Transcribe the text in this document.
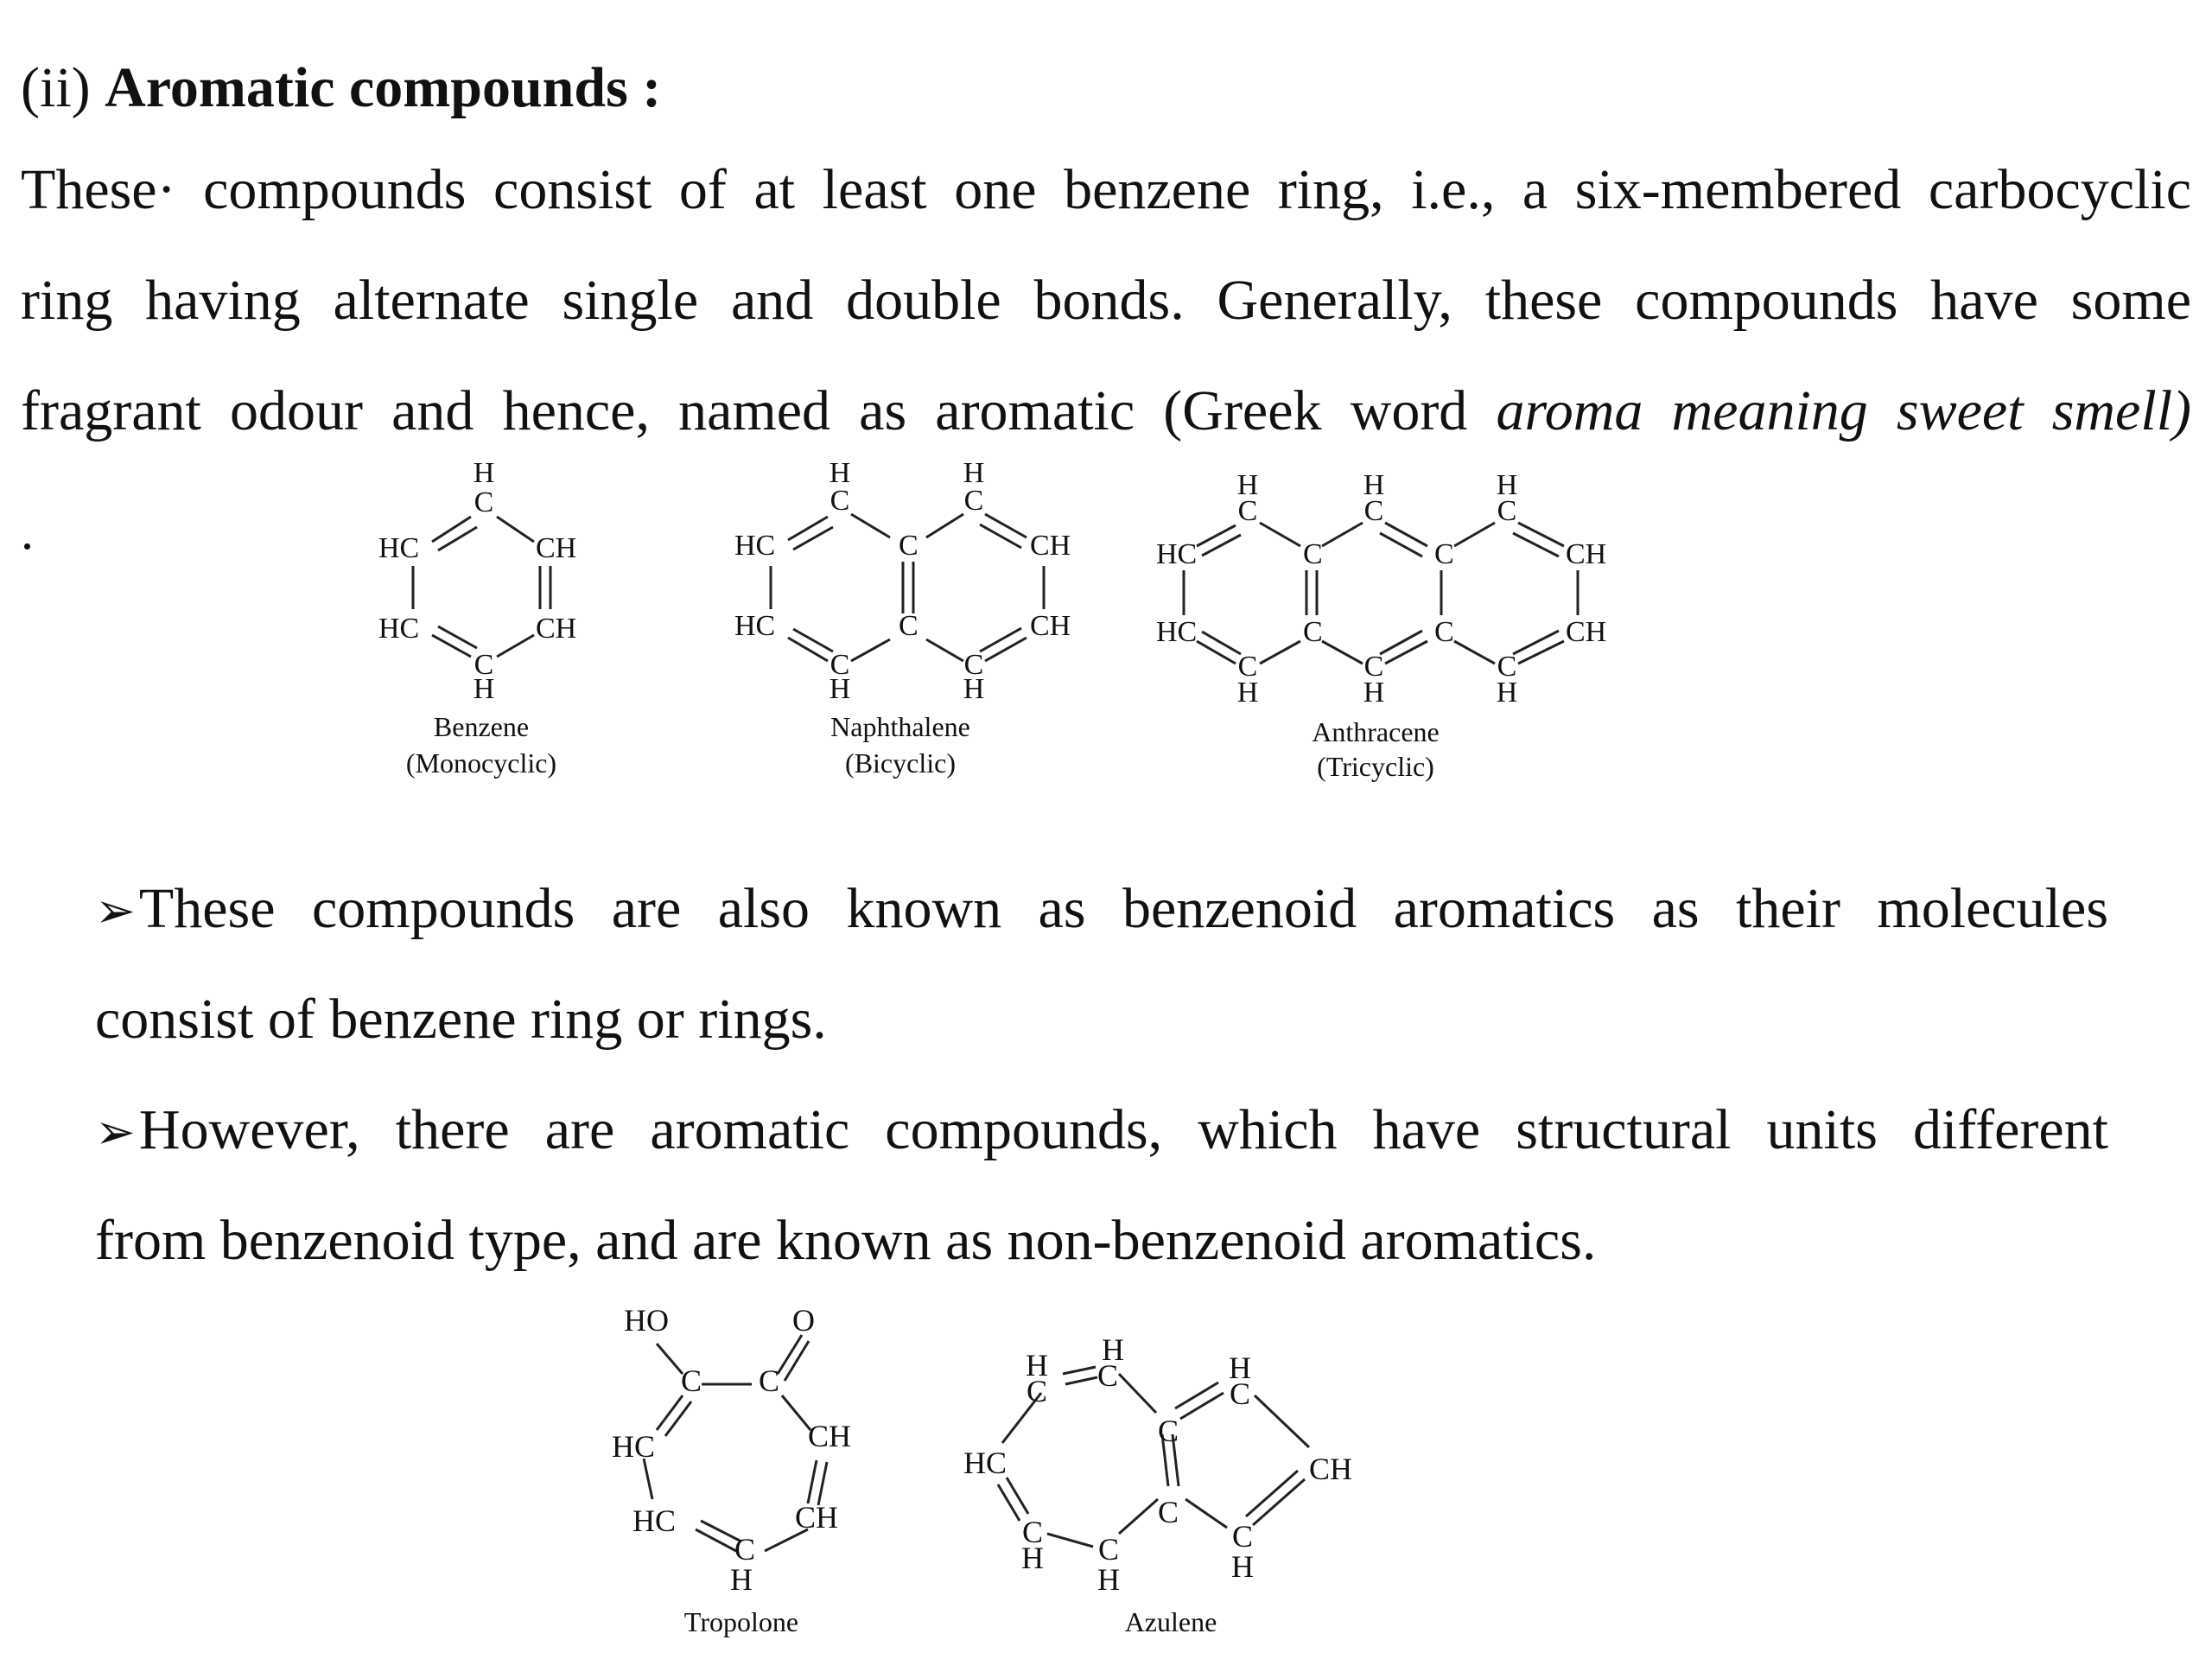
(ii) Aromatic compounds :
These· compounds consist of at least one benzene ring, i.e., a six-membered carbocyclic
ring having alternate single and double bonds. Generally, these compounds have some
fragrant odour and hence, named as aromatic (Greek word aroma meaning sweet smell)
.
➢These compounds are also known as benzenoid aromatics as their molecules
consist of benzene ring or rings.
➢However, there are aromatic compounds, which have structural units different
from benzenoid type, and are known as non-benzenoid aromatics.
H
C
HC	CH
HC	CH
C
H
Benzene
(Monocyclic)
H
C
H
C
HC	C	CH
HC	C	CH
C
H
C
H
Naphthalene
(Bicyclic)
H
C
H
C
H
C
HC	C	C	CH
HC	C	C	CH
C
H
C
H
C
H
Anthracene
(Tricyclic)
HO	O
C C
HC	CH
HC	CH
C
H
Tropolone
H
C
H
C	H
C
C
HC	CH
C
C
H C
H
C
H
Azulene
